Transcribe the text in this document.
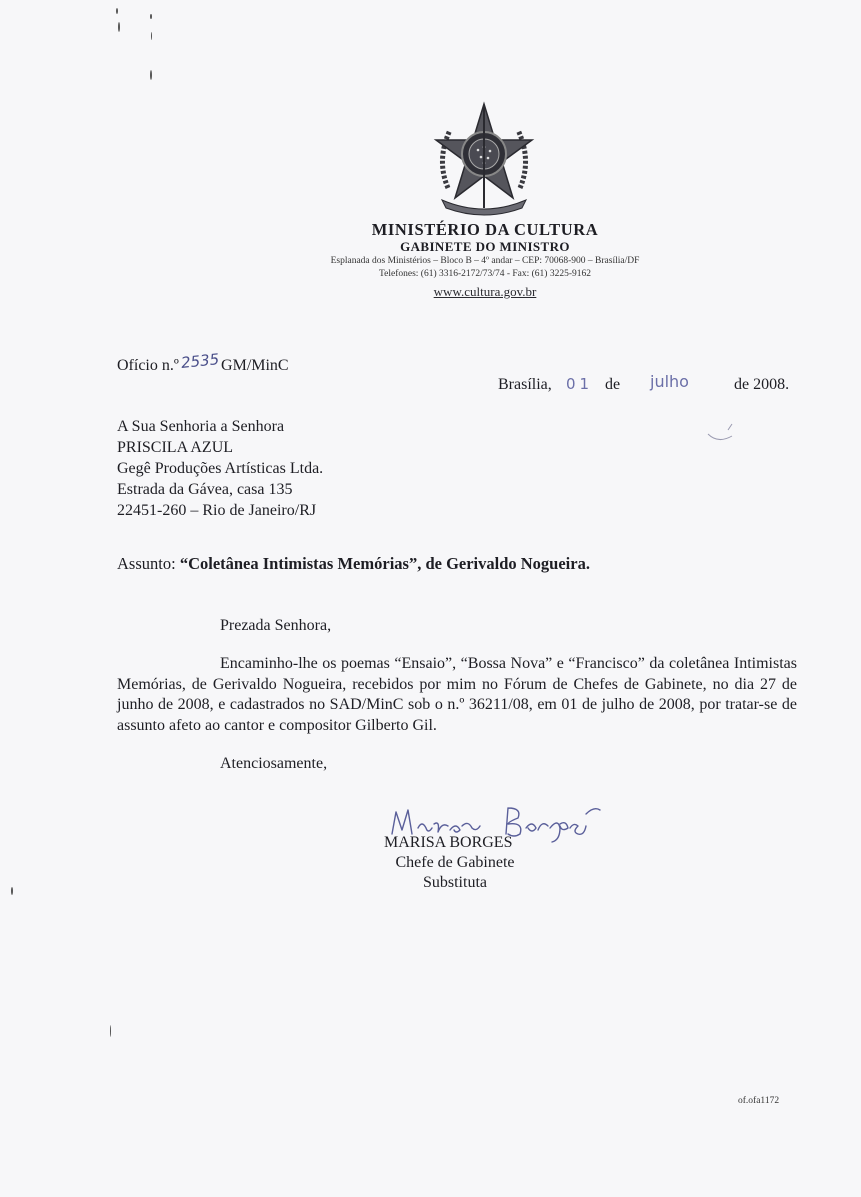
MINISTÉRIO DA CULTURA
GABINETE DO MINISTRO
Esplanada dos Ministérios – Bloco B – 4º andar – CEP: 70068-900 – Brasília/DF
Telefones: (61) 3316-2172/73/74 - Fax: (61) 3225-9162
www.cultura.gov.br
Ofício n.º2535GM/MinC
Brasília, 01 de julho	de 2008.
A Sua Senhoria a Senhora
PRISCILA AZUL
Gegê Produções Artísticas Ltda.
Estrada da Gávea, casa 135
22451-260 – Rio de Janeiro/RJ
Assunto: “Coletânea Intimistas Memórias”, de Gerivaldo Nogueira.
Prezada Senhora,
Encaminho-lhe os poemas “Ensaio”, “Bossa Nova” e “Francisco” da coletânea Intimistas Memórias, de Gerivaldo Nogueira, recebidos por mim no Fórum de Chefes de Gabinete, no dia 27 de junho de 2008, e cadastrados no SAD/MinC sob o n.º 36211/08, em 01 de julho de 2008, por tratar-se de assunto afeto ao cantor e compositor Gilberto Gil.
Atenciosamente,
MARISA BORGES
Chefe de Gabinete
Substituta
of.ofa1172
